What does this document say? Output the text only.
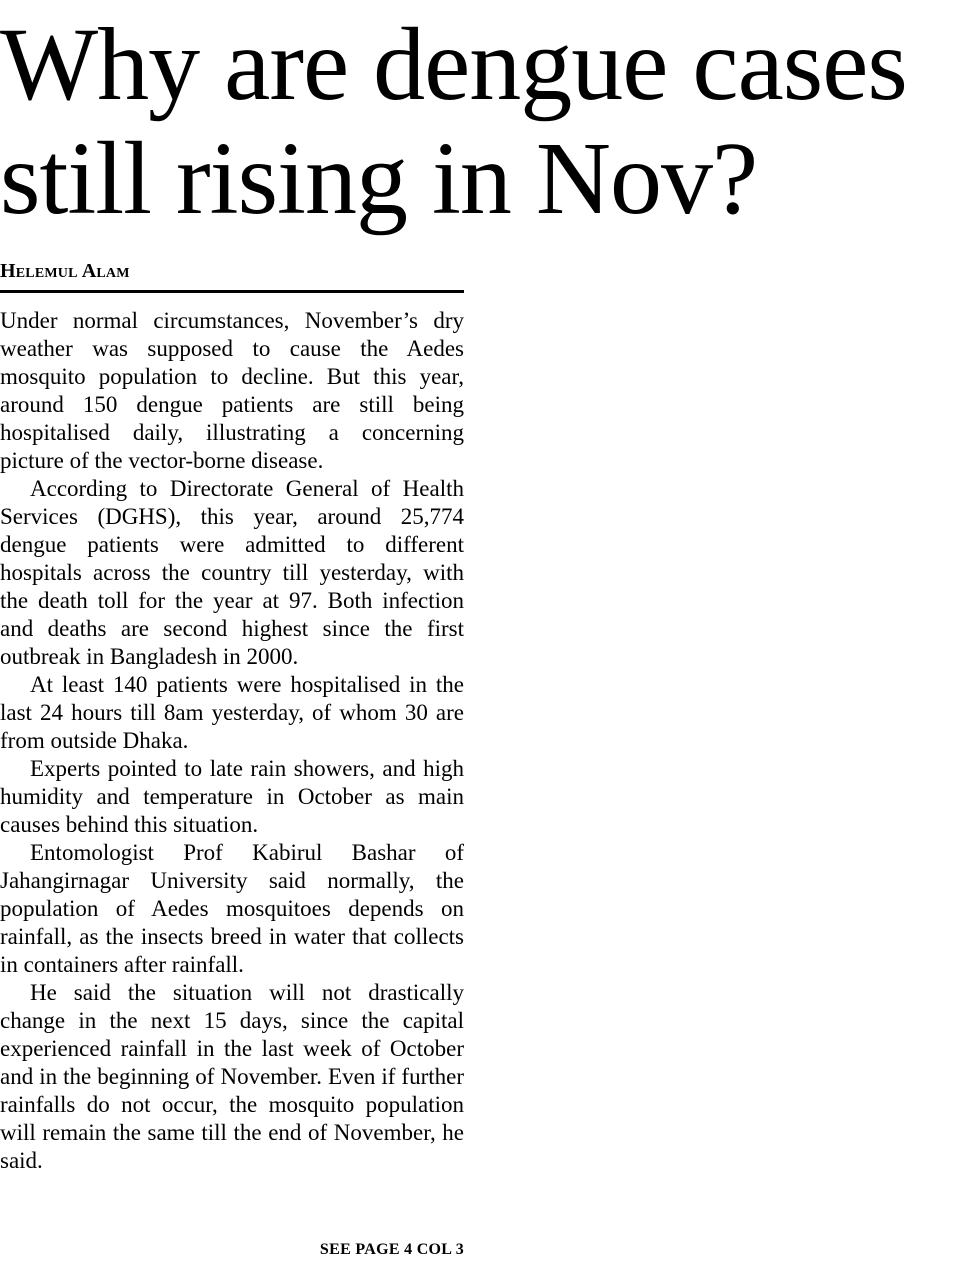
Why are dengue cases
still rising in Nov?
Helemul Alam

Under normal circumstances, November’s dry weather was supposed to cause the Aedes mosquito population to decline. But this year, around 150 dengue patients are still being hospitalised daily, illustrating a concerning picture of the vector-borne disease.

According to Directorate General of Health Services (DGHS), this year, around 25,774 dengue patients were admitted to different hospitals across the country till yesterday, with the death toll for the year at 97. Both infection and deaths are second highest since the first outbreak in Bangladesh in 2000.

At least 140 patients were hospitalised in the last 24 hours till 8am yesterday, of whom 30 are from outside Dhaka.

Experts pointed to late rain showers, and high humidity and temperature in October as main causes behind this situation.

Entomologist Prof Kabirul Bashar of Jahangirnagar University said normally, the population of Aedes mosquitoes depends on rainfall, as the insects breed in water that collects in containers after rainfall.

He said the situation will not drastically change in the next 15 days, since the capital experienced rainfall in the last week of October and in the beginning of November. Even if further rainfalls do not occur, the mosquito population will remain the same till the end of November, he said.

SEE PAGE 4 COL 3
